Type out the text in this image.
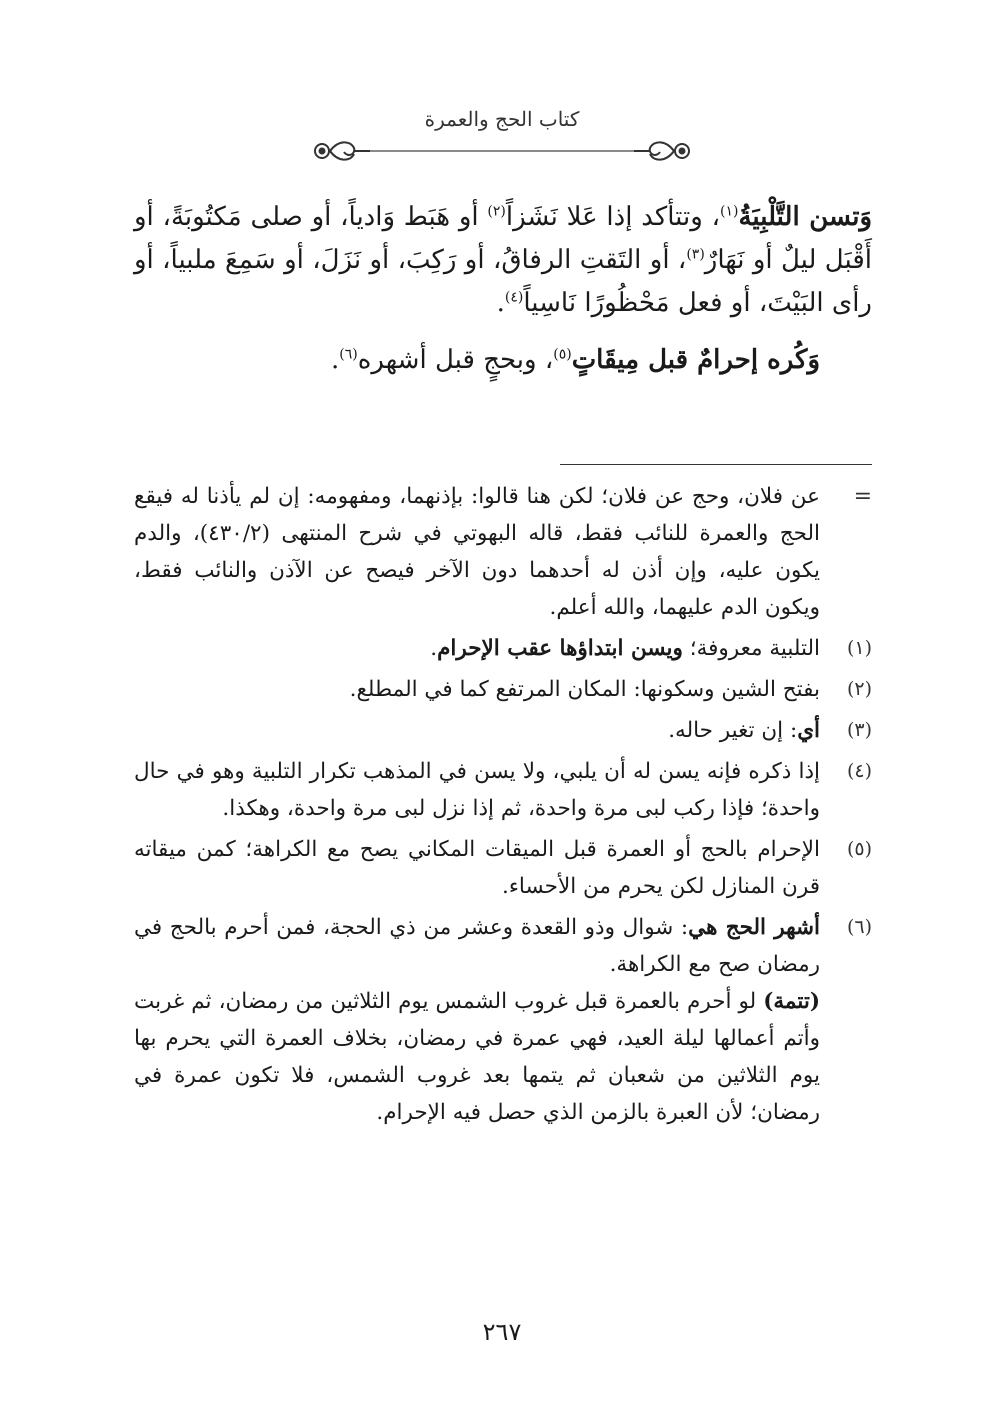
كتاب الحج والعمرة

وَتسن التَّلْبِيَةُ$^{(١)}$، وتتأكد إذا عَلا نَشَزاً$^{(٢)}$ أو هَبَط وَادياً، أو صلى مَكتُوبَةً، أو أَقْبَل ليلٌ أو نَهَارٌ$^{(٣)}$، أو التَقتِ الرفاقُ، أو رَكِبَ، أو نَزَلَ، أو سَمِعَ ملبياً، أو رأى البَيْتَ، أو فعل مَحْظُورًا نَاسِياً$^{(٤)}$.

وَكُره إحرامٌ قبل مِيقَاتٍ$^{(٥)}$، وبحجٍ قبل أشهره$^{(٦)}$.

=
عن فلان، وحج عن فلان؛ لكن هنا قالوا: بإذنهما، ومفهومه: إن لم يأذنا له فيقع الحج والعمرة للنائب فقط، قاله البهوتي في شرح المنتهى (٤٣٠/٢)، والدم يكون عليه، وإن أذن له أحدهما دون الآخر فيصح عن الآذن والنائب فقط، ويكون الدم عليهما، والله أعلم.

(١)
التلبية معروفة؛ ويسن ابتداؤها عقب الإحرام.

(٢)
بفتح الشين وسكونها: المكان المرتفع كما في المطلع.

(٣)
أي: إن تغير حاله.

(٤)
إذا ذكره فإنه يسن له أن يلبي، ولا يسن في المذهب تكرار التلبية وهو في حال واحدة؛ فإذا ركب لبى مرة واحدة، ثم إذا نزل لبى مرة واحدة، وهكذا.

(٥)
الإحرام بالحج أو العمرة قبل الميقات المكاني يصح مع الكراهة؛ كمن ميقاته قرن المنازل لكن يحرم من الأحساء.

(٦)
أشهر الحج هي: شوال وذو القعدة وعشر من ذي الحجة، فمن أحرم بالحج في رمضان صح مع الكراهة.

(تتمة) لو أحرم بالعمرة قبل غروب الشمس يوم الثلاثين من رمضان، ثم غربت وأتم أعمالها ليلة العيد، فهي عمرة في رمضان، بخلاف العمرة التي يحرم بها يوم الثلاثين من شعبان ثم يتمها بعد غروب الشمس، فلا تكون عمرة في رمضان؛ لأن العبرة بالزمن الذي حصل فيه الإحرام.

٢٦٧
